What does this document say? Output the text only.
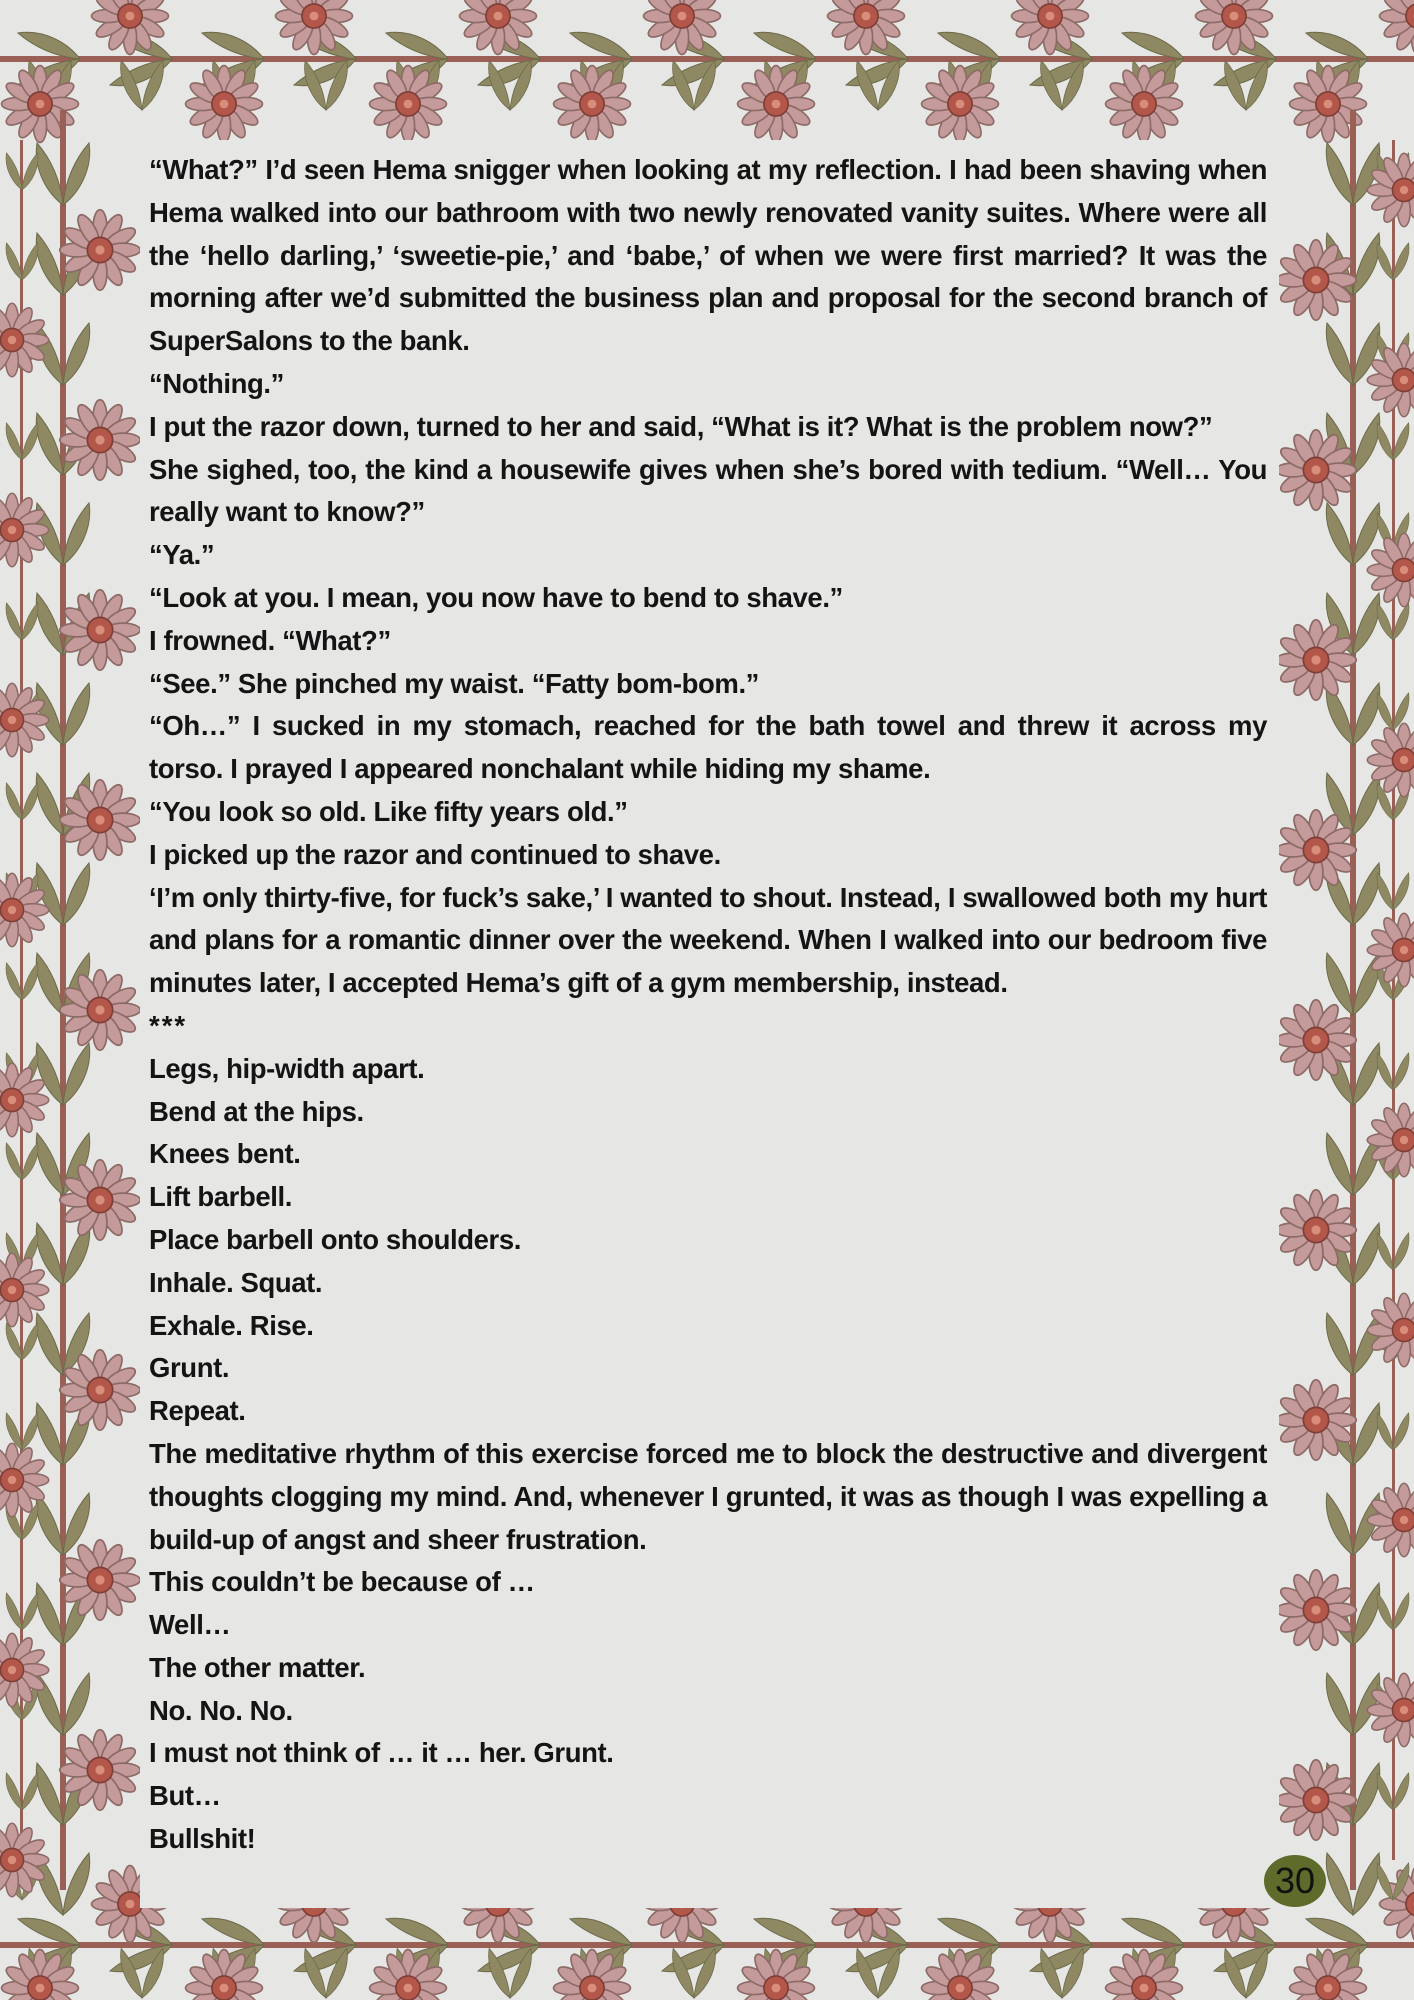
“What?” I’d seen Hema snigger when looking at my reflection. I had been shaving when Hema walked into our bathroom with two newly renovated vanity suites. Where were all the ‘hello darling,’ ‘sweetie-pie,’ and ‘babe,’ of when we were first married? It was the morning after we’d submitted the business plan and proposal for the second branch of SuperSalons to the bank.

“Nothing.”

I put the razor down, turned to her and said, “What is it? What is the problem now?”

She sighed, too, the kind a housewife gives when she’s bored with tedium. “Well… You really want to know?”

“Ya.”

“Look at you. I mean, you now have to bend to shave.”

I frowned. “What?”

“See.” She pinched my waist. “Fatty bom-bom.”

“Oh…” I sucked in my stomach, reached for the bath towel and threw it across my torso. I prayed I appeared nonchalant while hiding my shame.

“You look so old. Like fifty years old.”

I picked up the razor and continued to shave.

‘I’m only thirty-five, for fuck’s sake,’ I wanted to shout. Instead, I swallowed both my hurt and plans for a romantic dinner over the weekend. When I walked into our bedroom five minutes later, I accepted Hema’s gift of a gym membership, instead.

***

Legs, hip-width apart.

Bend at the hips.

Knees bent.

Lift barbell.

Place barbell onto shoulders.

Inhale. Squat.

Exhale. Rise.

Grunt.

Repeat.

The meditative rhythm of this exercise forced me to block the destructive and divergent thoughts clogging my mind. And, whenever I grunted, it was as though I was expelling a build-up of angst and sheer frustration.

This couldn’t be because of …

Well…

The other matter.

No. No. No.

I must not think of … it … her. Grunt.

But…

Bullshit!

30
